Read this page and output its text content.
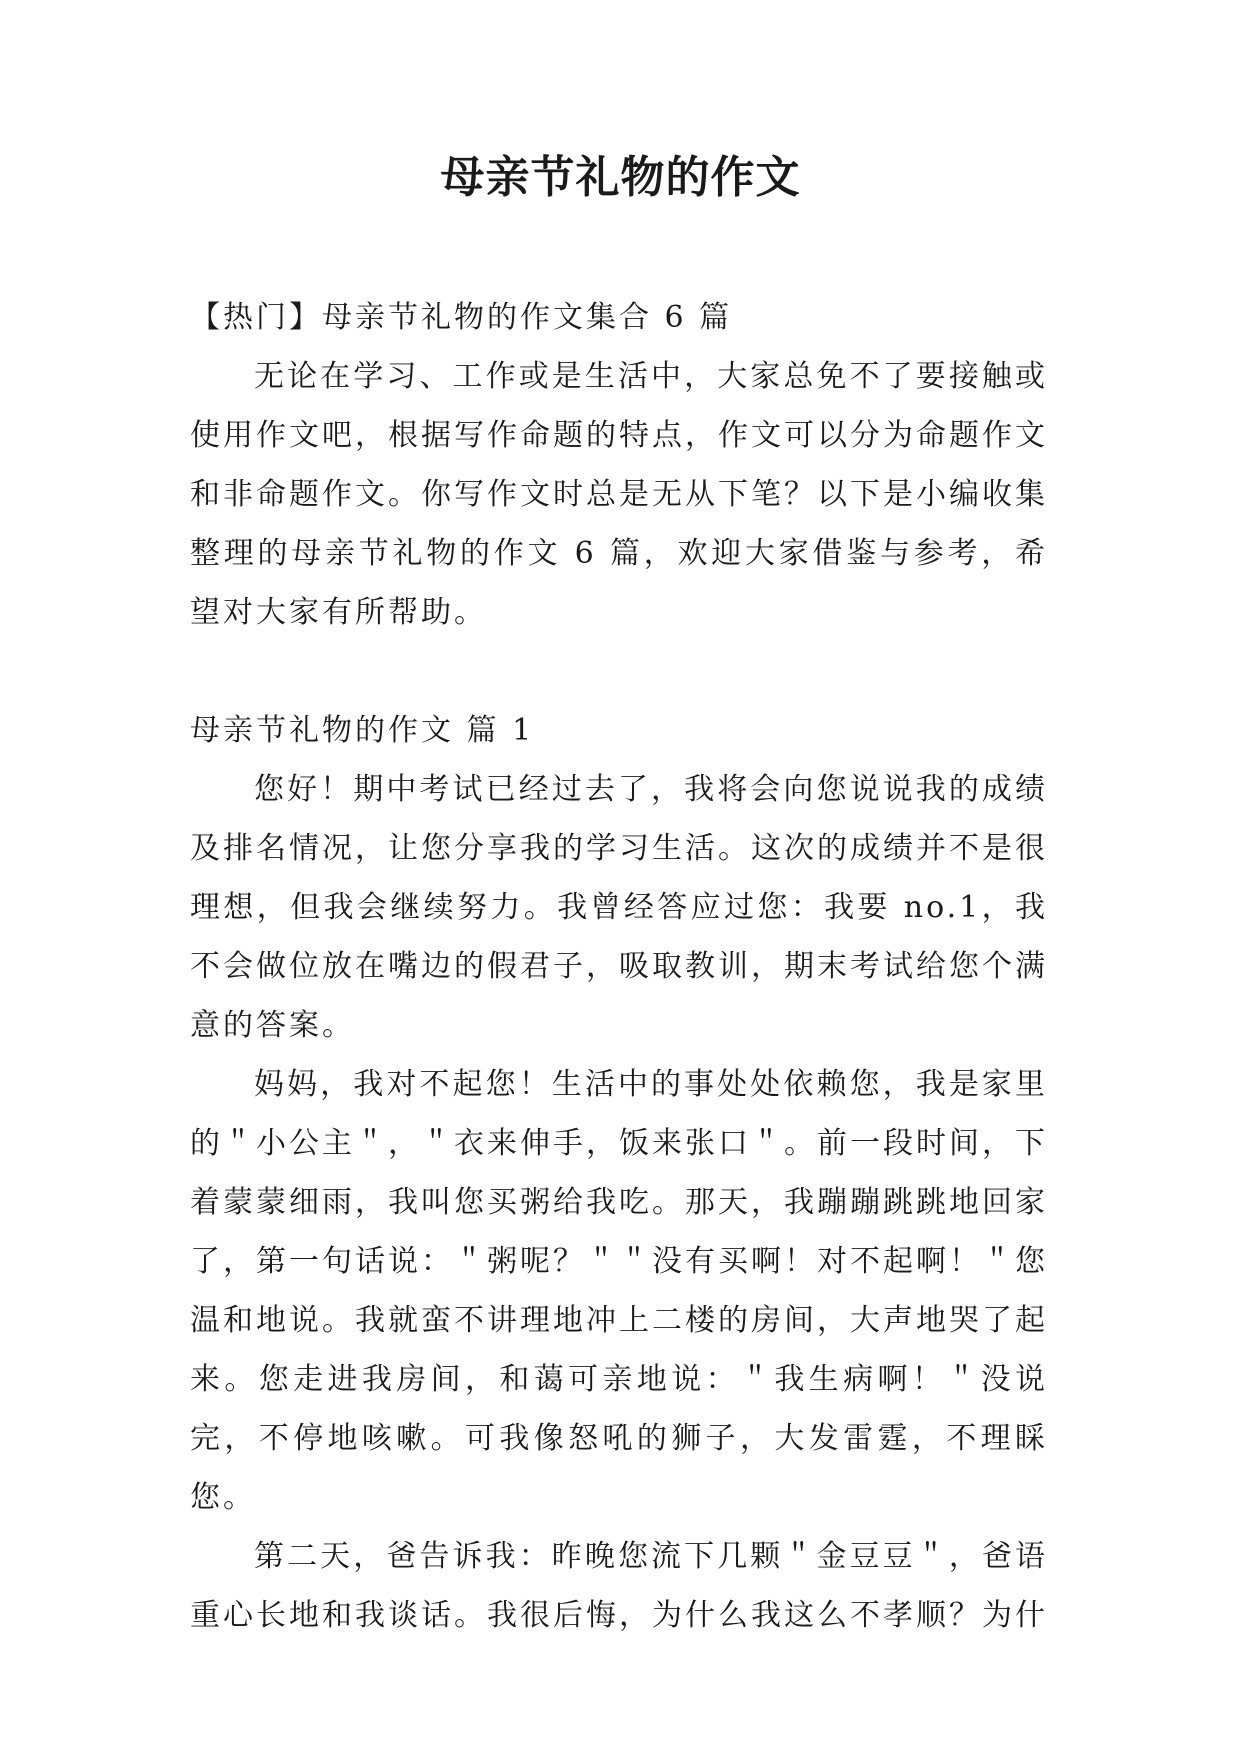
母亲节礼物的作文

【热门】母亲节礼物的作文集合 6 篇

无论在学习、工作或是生活中，大家总免不了要接触或使用作文吧，根据写作命题的特点，作文可以分为命题作文和非命题作文。你写作文时总是无从下笔？以下是小编收集整理的母亲节礼物的作文 6 篇，欢迎大家借鉴与参考，希望对大家有所帮助。

母亲节礼物的作文 篇 1

您好！期中考试已经过去了，我将会向您说说我的成绩及排名情况，让您分享我的学习生活。这次的成绩并不是很理想，但我会继续努力。我曾经答应过您：我要 no.1，我不会做位放在嘴边的假君子，吸取教训，期末考试给您个满意的答案。

妈妈，我对不起您！生活中的事处处依赖您，我是家里的＂小公主＂，＂衣来伸手，饭来张口＂。前一段时间，下着蒙蒙细雨，我叫您买粥给我吃。那天，我蹦蹦跳跳地回家了，第一句话说：＂粥呢？＂＂没有买啊！对不起啊！＂您温和地说。我就蛮不讲理地冲上二楼的房间，大声地哭了起来。您走进我房间，和蔼可亲地说：＂我生病啊！＂没说完，不停地咳嗽。可我像怒吼的狮子，大发雷霆，不理睬您。

第二天，爸告诉我：昨晚您流下几颗＂金豆豆＂，爸语重心长地和我谈话。我很后悔，为什么我这么不孝顺？为什
